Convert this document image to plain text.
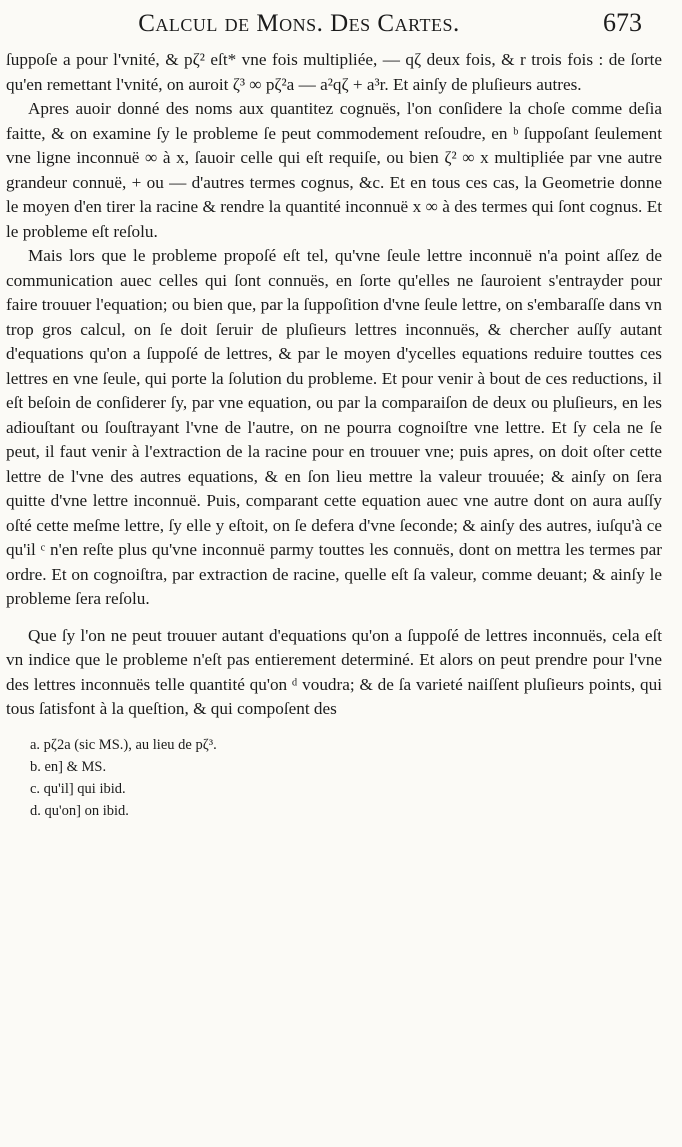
Calcul de Mons. Des Cartes.	673

ſuppoſe a pour l'vnité, & pζ² eſt* vne fois multipliée, — qζ deux fois, & r trois fois : de ſorte qu'en remettant l'vnité, on auroit ζ³ ∞ pζ²a — a²qζ + a³r. Et ainſy de pluſieurs autres.

Apres auoir donné des noms aux quantitez cognuës, l'on conſidere la choſe comme deſia faitte, & on examine ſy le probleme ſe peut commodement reſoudre, en ᵇ ſuppoſant ſeulement vne ligne inconnuë ∞ à x, ſauoir celle qui eſt requiſe, ou bien ζ² ∞ x multipliée par vne autre grandeur connuë, + ou — d'autres termes cognus, &c. Et en tous ces cas, la Geometrie donne le moyen d'en tirer la racine & rendre la quantité inconnuë x ∞ à des termes qui ſont cognus. Et le probleme eſt reſolu.

Mais lors que le probleme propoſé eſt tel, qu'vne ſeule lettre inconnuë n'a point aſſez de communication auec celles qui ſont connuës, en ſorte qu'elles ne ſauroient s'entrayder pour faire trouuer l'equation; ou bien que, par la ſuppoſition d'vne ſeule lettre, on s'embaraſſe dans vn trop gros calcul, on ſe doit ſeruir de pluſieurs lettres inconnuës, & chercher auſſy autant d'equations qu'on a ſuppoſé de lettres, & par le moyen d'ycelles equations reduire touttes ces lettres en vne ſeule, qui porte la ſolution du probleme. Et pour venir à bout de ces reductions, il eſt beſoin de conſiderer ſy, par vne equation, ou par la comparaiſon de deux ou pluſieurs, en les adiouſtant ou ſouſtrayant l'vne de l'autre, on ne pourra cognoiſtre vne lettre. Et ſy cela ne ſe peut, il faut venir à l'extraction de la racine pour en trouuer vne; puis apres, on doit oſter cette lettre de l'vne des autres equations, & en ſon lieu mettre la valeur trouuée; & ainſy on ſera quitte d'vne lettre inconnuë. Puis, comparant cette equation auec vne autre dont on aura auſſy oſté cette meſme lettre, ſy elle y eſtoit, on ſe defera d'vne ſeconde; & ainſy des autres, iuſqu'à ce qu'il ᶜ n'en reſte plus qu'vne inconnuë parmy touttes les connuës, dont on mettra les termes par ordre. Et on cognoiſtra, par extraction de racine, quelle eſt ſa valeur, comme deuant; & ainſy le probleme ſera reſolu.

Que ſy l'on ne peut trouuer autant d'equations qu'on a ſuppoſé de lettres inconnuës, cela eſt vn indice que le probleme n'eſt pas entierement determiné. Et alors on peut prendre pour l'vne des lettres inconnuës telle quantité qu'on ᵈ voudra; & de ſa varieté naiſſent pluſieurs points, qui tous ſatisfont à la queſtion, & qui compoſent des

a. pζ2a (sic MS.), au lieu de pζ³.
b. en] & MS.
c. qu'il] qui ibid.
d. qu'on] on ibid.
